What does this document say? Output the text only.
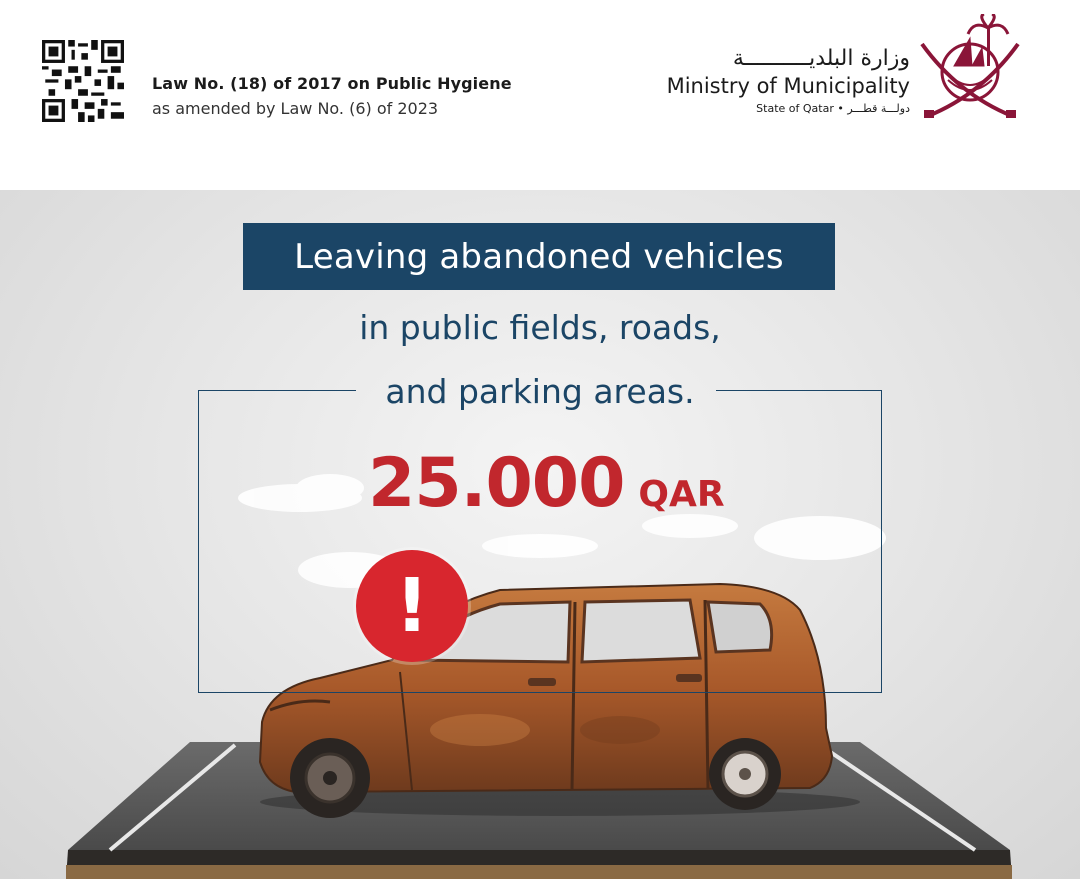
Law No. (18) of 2017 on Public Hygiene
as amended by Law No. (6) of 2023
وزارة البلديــــــــــة
Ministry of Municipality
State of Qatar • دولـــة قطـــر
Leaving abandoned vehicles
in public fields, roads,
and parking areas.
25.000 QAR
!
